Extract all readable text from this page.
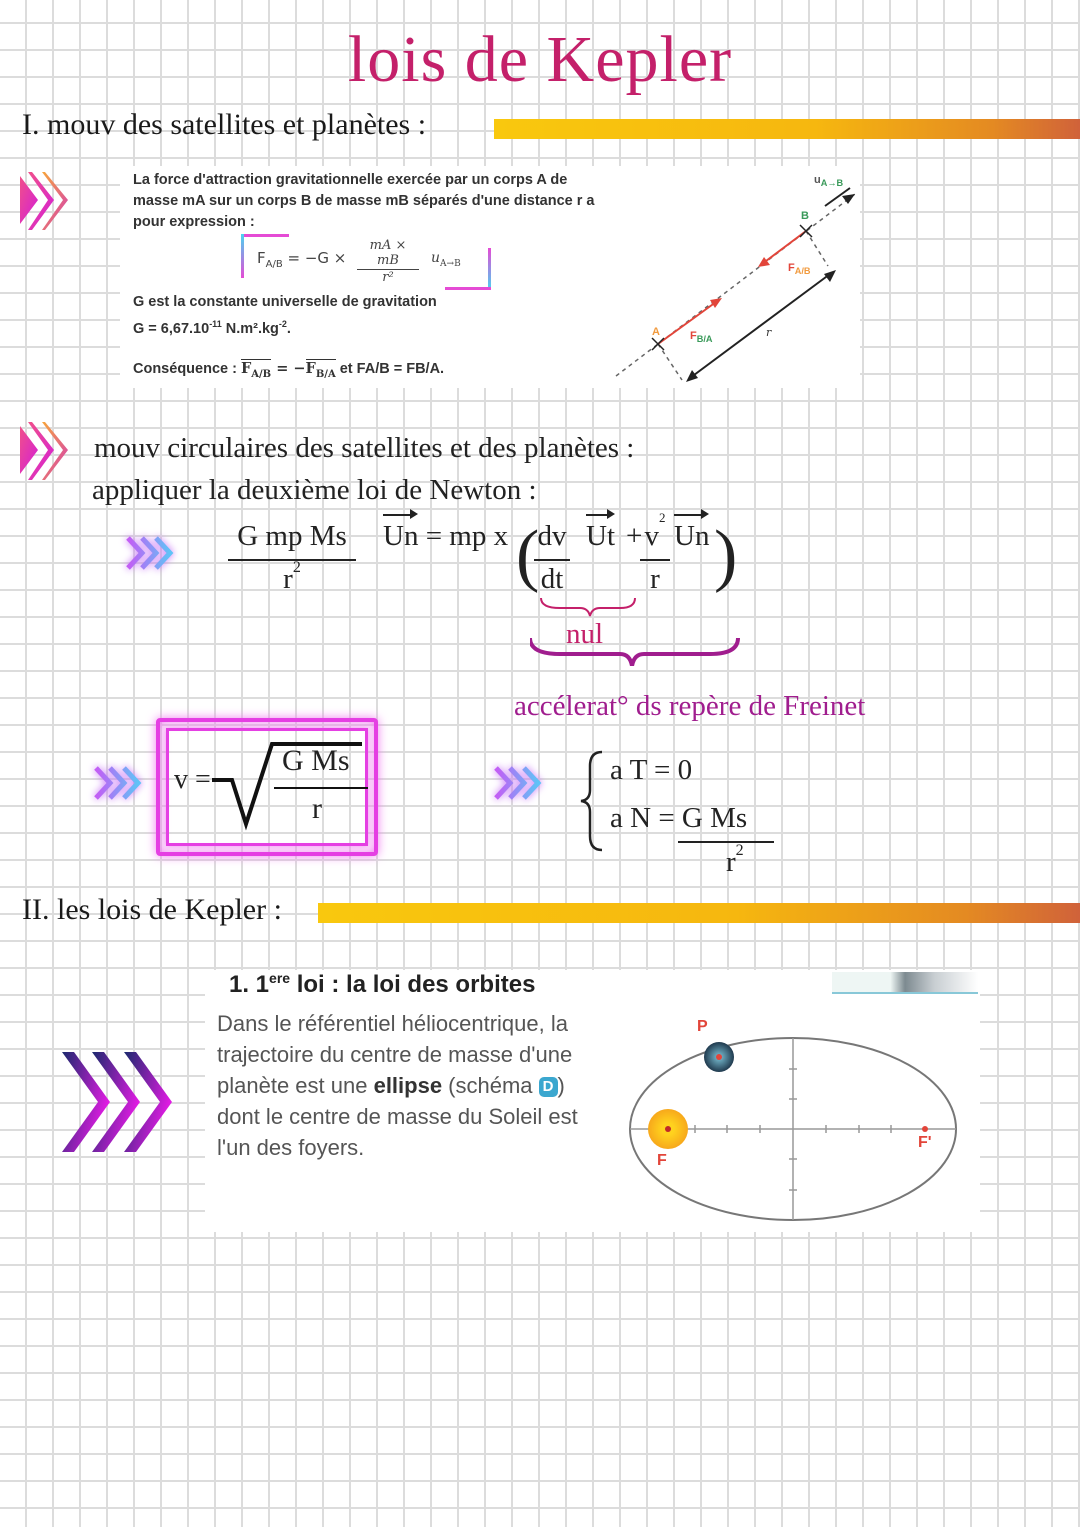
lois de Kepler
I. mouv des satellites et planètes :
La force d'attraction gravitationnelle exercée par un corps A de masse mA sur un corps B de masse mB séparés d'une distance r a pour expression :
$F_{A/B} = -G \times \frac{mA \times mB}{\text{r²}} u_{A\to B}$
G est la constante universelle de gravitation
$G = 6,67.10^{-11}$ $N.m^2.kg^{-2}$.
Conséquence : $F_{A/B} = -F_{B/A}$ et FA/B = FB/A.
A
B
$u_{A\to B}$
$F_{A/B}$
$F_{B/A}$
r
mouv circulaires des satellites et des planètes :
appliquer la deuxième loi de Newton :
G mp Ms
$r^2$
Un = mp x (
dv
dt
$Ut + v^2$
r
Un )
nul
accélerat° ds repère de Freinet
v =
G Ms
r
a T = 0
a N = G Ms
$r^2$
II. les lois de Kepler :
1. 1ere loi : la loi des orbites
Dans le référentiel héliocentrique, la trajectoire du centre de masse d'une planète est une ellipse (schéma D ) dont le centre de masse du Soleil est l'un des foyers.
P
F
F'
